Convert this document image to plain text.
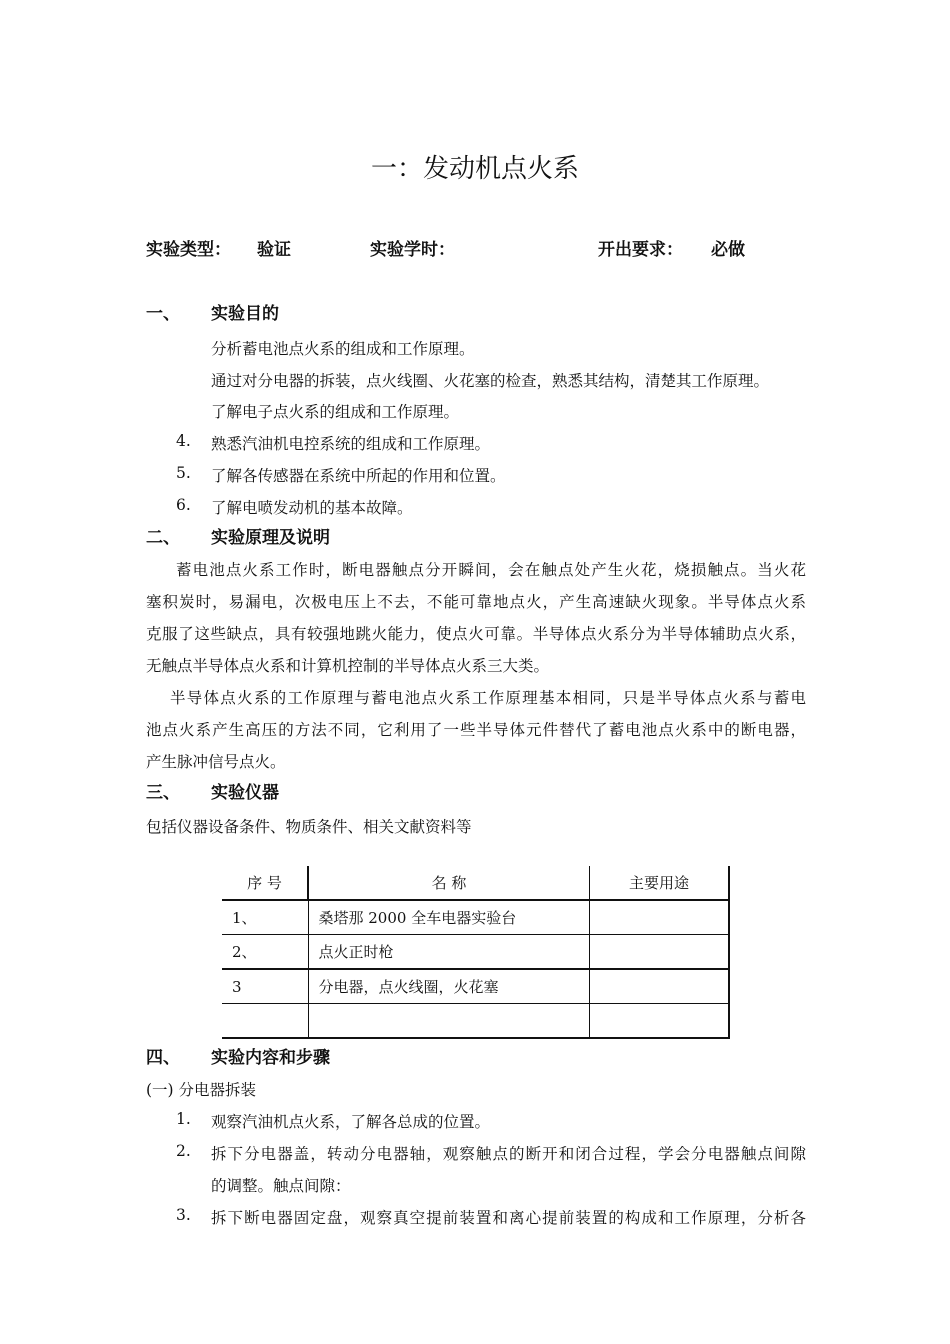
一：发动机点火系
实验类型： 验证	实验学时：	开出要求： 必做
一、 实验目的
分析蓄电池点火系的组成和工作原理。
通过对分电器的拆装，点火线圈、火花塞的检查，熟悉其结构，清楚其工作原理。
了解电子点火系的组成和工作原理。
4. 熟悉汽油机电控系统的组成和工作原理。
5. 了解各传感器在系统中所起的作用和位置。
6. 了解电喷发动机的基本故障。
二、 实验原理及说明
蓄电池点火系工作时，断电器触点分开瞬间，会在触点处产生火花，烧损触点。当火花
塞积炭时，易漏电，次极电压上不去，不能可靠地点火，产生高速缺火现象。半导体点火系
克服了这些缺点，具有较强地跳火能力，使点火可靠。半导体点火系分为半导体辅助点火系，
无触点半导体点火系和计算机控制的半导体点火系三大类。
半导体点火系的工作原理与蓄电池点火系工作原理基本相同，只是半导体点火系与蓄电
池点火系产生高压的方法不同，它利用了一些半导体元件替代了蓄电池点火系中的断电器，
产生脉冲信号点火。
三、 实验仪器
包括仪器设备条件、物质条件、相关文献资料等
序 号	名 称	主要用途
1、	桑塔那 2000 全车电器实验台	
2、	点火正时枪	
3	分电器，点火线圈，火花塞	

四、 实验内容和步骤
(一) 分电器拆装
1. 观察汽油机点火系，了解各总成的位置。
2. 拆下分电器盖，转动分电器轴，观察触点的断开和闭合过程，学会分电器触点间隙
的调整。触点间隙：
3. 拆下断电器固定盘，观察真空提前装置和离心提前装置的构成和工作原理，分析各
